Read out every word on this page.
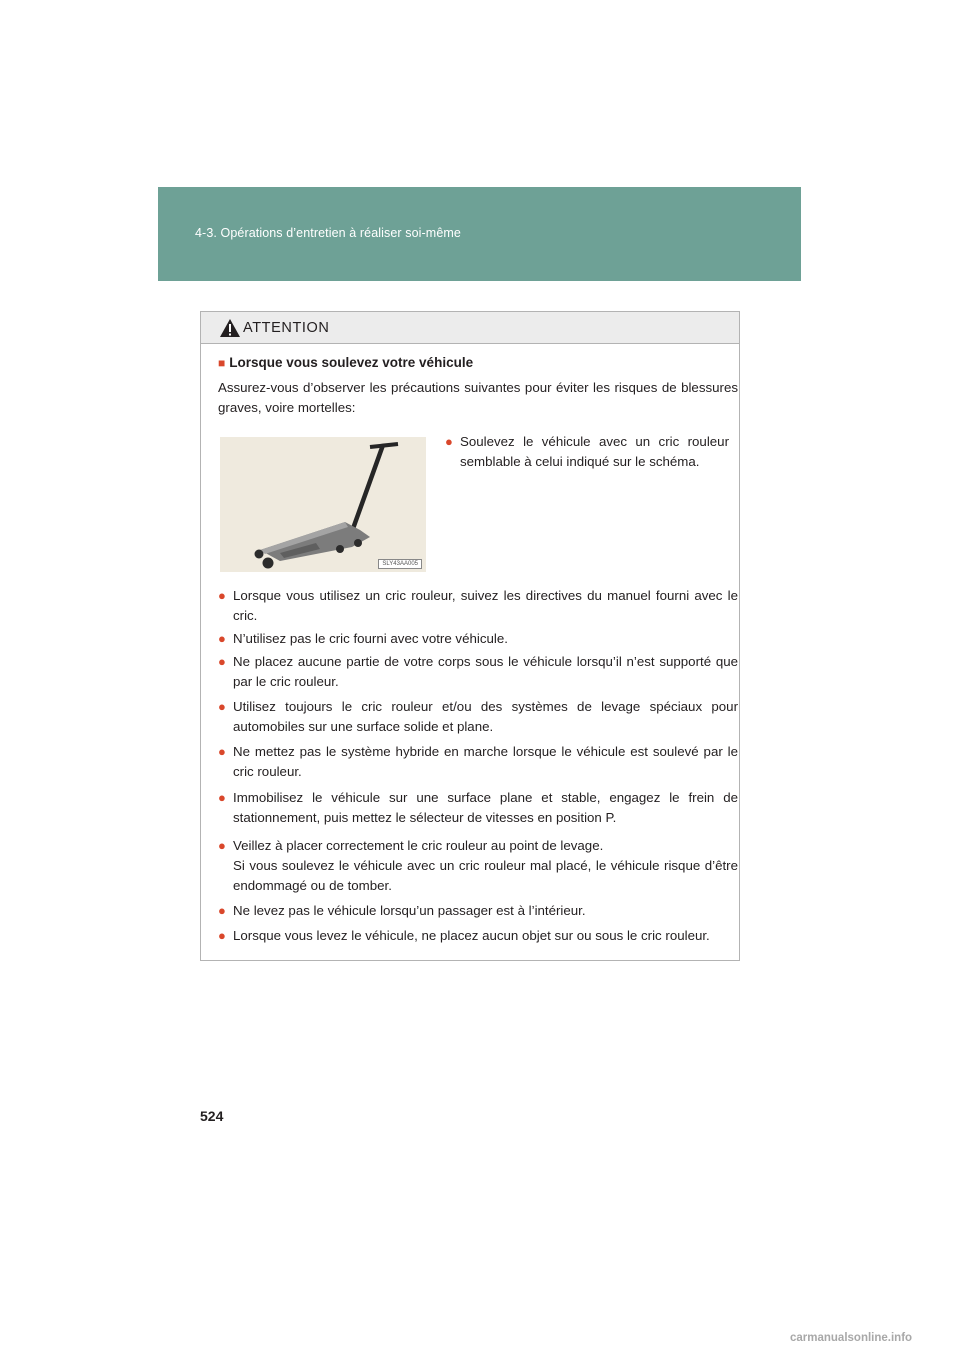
4-3. Opérations d’entretien à réaliser soi-même
ATTENTION
■ Lorsque vous soulevez votre véhicule
Assurez-vous d’observer les précautions suivantes pour éviter les risques de blessures graves, voire mortelles:
SLY43AA005
● Soulevez le véhicule avec un cric rouleur semblable à celui indiqué sur le schéma.
● Lorsque vous utilisez un cric rouleur, suivez les directives du manuel fourni avec le cric.
● N’utilisez pas le cric fourni avec votre véhicule.
● Ne placez aucune partie de votre corps sous le véhicule lorsqu’il n’est supporté que par le cric rouleur.
● Utilisez toujours le cric rouleur et/ou des systèmes de levage spéciaux pour automobiles sur une surface solide et plane.
● Ne mettez pas le système hybride en marche lorsque le véhicule est soulevé par le cric rouleur.
● Immobilisez le véhicule sur une surface plane et stable, engagez le frein de stationnement, puis mettez le sélecteur de vitesses en position P.
● Veillez à placer correctement le cric rouleur au point de levage.
Si vous soulevez le véhicule avec un cric rouleur mal placé, le véhicule risque d’être endommagé ou de tomber.
● Ne levez pas le véhicule lorsqu’un passager est à l’intérieur.
● Lorsque vous levez le véhicule, ne placez aucun objet sur ou sous le cric rouleur.
524
carmanualsonline.info
